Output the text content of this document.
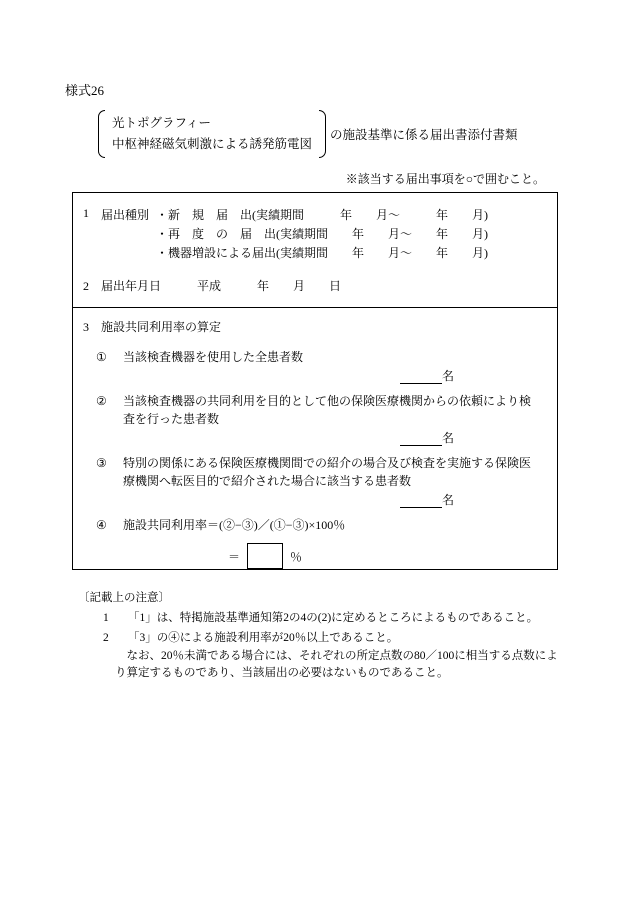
様式26
光トポグラフィー
中枢神経磁気刺激による誘発筋電図
の施設基準に係る届出書添付書類
※該当する届出事項を○で囲むこと。
1	届出種別 ・新　規　届　出(実績期間　　　年　　月〜　　　年　　月)
・再　度　の　届　出(実績期間　　年　　月〜　　年　　月)
・機器増設による届出(実績期間　　年　　月〜　　年　　月)
2	届出年月日	平成　　　年　　月　　日
3	施設共同利用率の算定
①	当該検査機器を使用した全患者数
名
②	当該検査機器の共同利用を目的として他の保険医療機関からの依頼により検査を行った患者数
名
③	特別の関係にある保険医療機関間での紹介の場合及び検査を実施する保険医療機関へ転医目的で紹介された場合に該当する患者数
名
④	施設共同利用率＝(②−③)／(①−③)×100％
＝	％
〔記載上の注意〕
1	「1」は、特掲施設基準通知第2の4の(2)に定めるところによるものであること。
2	「3」の④による施設利用率が20％以上であること。
なお、20％未満である場合には、それぞれの所定点数の80／100に相当する点数により算定するものであり、当該届出の必要はないものであること。
